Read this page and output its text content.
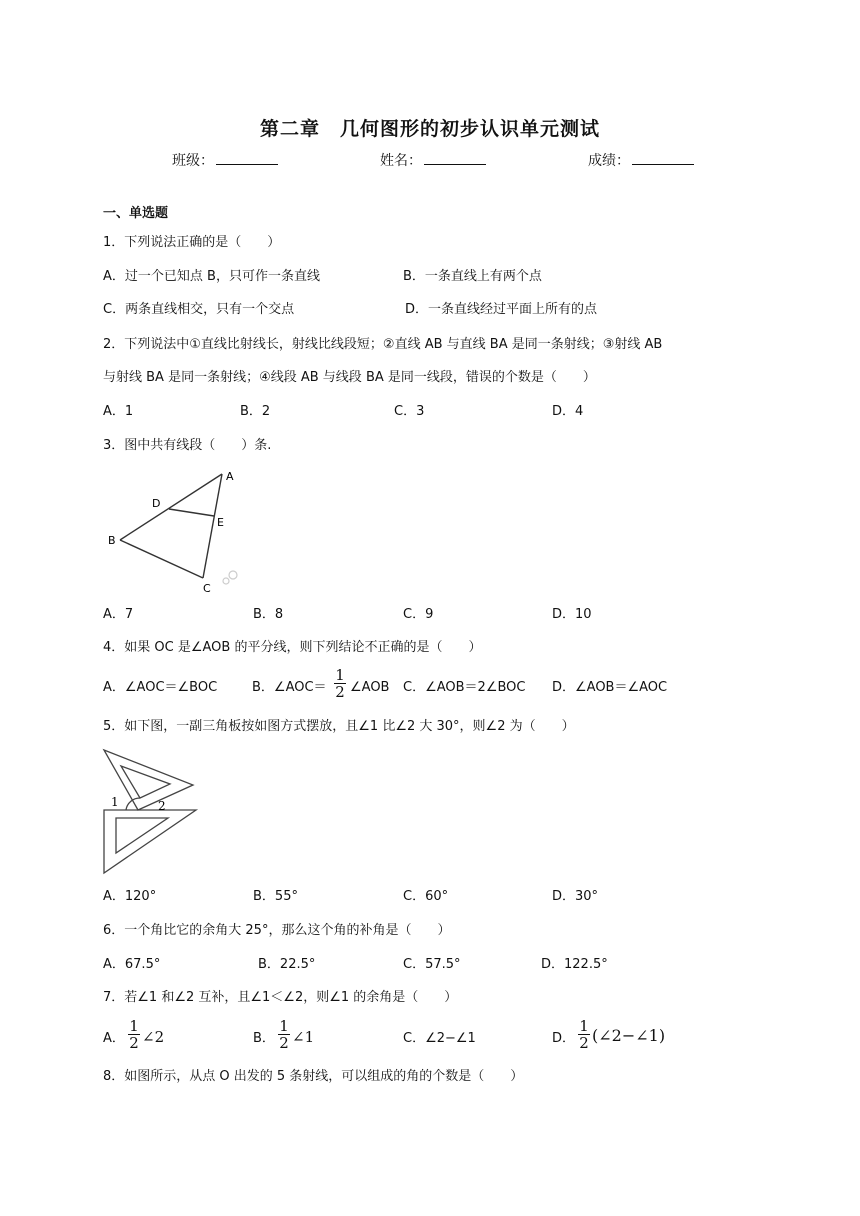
第二章　几何图形的初步认识单元测试
班级：	姓名：	成绩：
一、单选题
1．下列说法正确的是（　　）
A．过一个已知点 B，只可作一条直线	B．一条直线上有两个点
C．两条直线相交，只有一个交点	D．一条直线经过平面上所有的点
2．下列说法中①直线比射线长，射线比线段短；②直线 AB 与直线 BA 是同一条射线；③射线 AB
与射线 BA 是同一条射线；④线段 AB 与线段 BA 是同一线段，错误的个数是（　　）
A．1	B．2	C．3	D．4
3．图中共有线段（　　）条.
A
D
E
B
C
A．7	B．8	C．9	D．10
4．如果 OC 是∠AOB 的平分线，则下列结论不正确的是（　　）
A．∠AOC＝∠BOC	B．∠AOC＝ $\frac{1}{2}$ ∠AOB C．∠AOB＝2∠BOC D．∠AOB＝∠AOC
5．如下图，一副三角板按如图方式摆放，且∠1 比∠2 大 30°，则∠2 为（　　）
1	2
A．120°	B．55°	C．60°	D．30°
6．一个角比它的余角大 25°，那么这个角的补角是（　　）
A．67.5°	B．22.5°	C．57.5°	D．122.5°
7．若∠1 和∠2 互补，且∠1＜∠2，则∠1 的余角是（　　）
A． $\frac{1}{2}$ ∠2	B． $\frac{1}{2}$ ∠1	C．∠2−∠1	D． $\frac{1}{2}$ (∠2−∠1)
8．如图所示，从点 O 出发的 5 条射线，可以组成的角的个数是（　　）
